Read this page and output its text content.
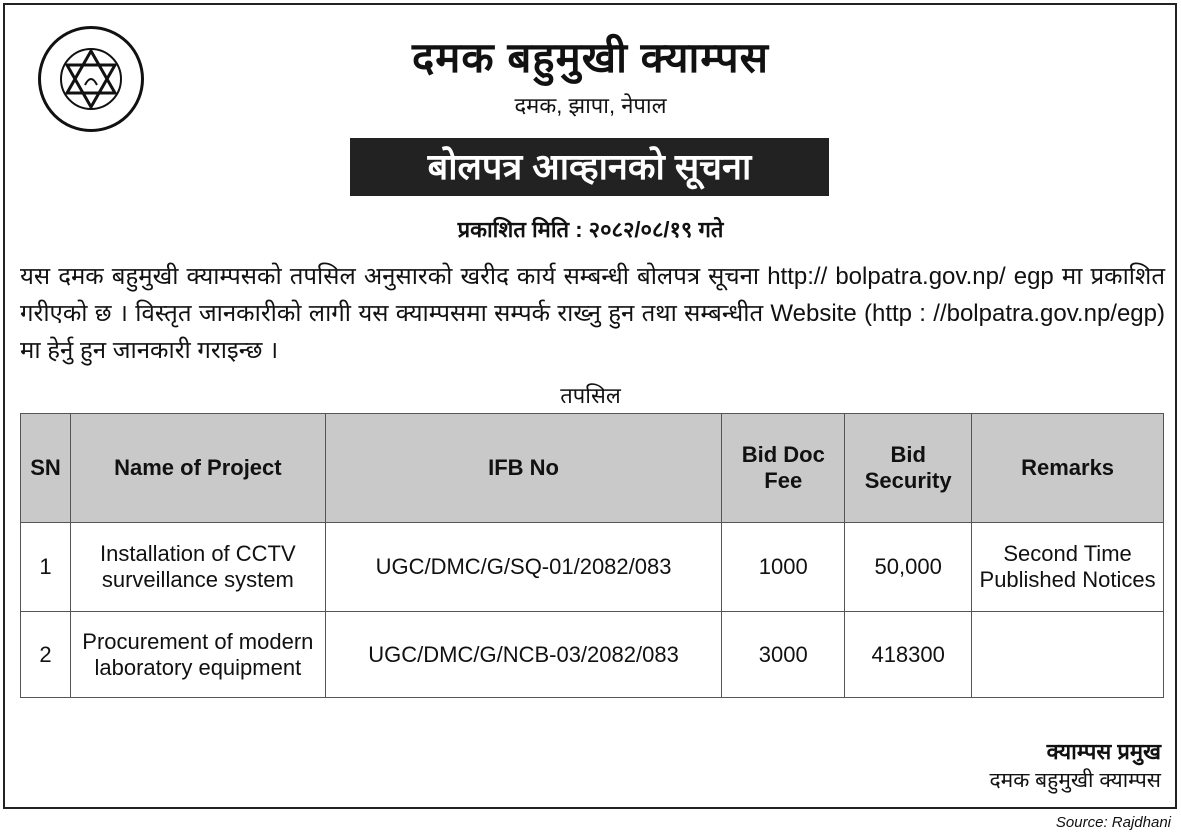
दमक बहुमुखी क्याम्पस
दमक, झापा, नेपाल
बोलपत्र आव्हानको सूचना
प्रकाशित मिति : २०८२/०८/१९ गते
यस दमक बहुमुखी क्याम्पसको तपसिल अनुसारको खरीद कार्य सम्बन्धी बोलपत्र सूचना http:// bolpatra.gov.np/ egp मा प्रकाशित गरीएको छ । विस्तृत जानकारीको लागी यस क्याम्पसमा सम्पर्क राख्नु हुन तथा सम्बन्धीत Website (http : //bolpatra.gov.np/egp) मा हेर्नु हुन जानकारी गराइन्छ ।
तपसिल
SN	Name of Project	IFB No	Bid Doc Fee	Bid Security	Remarks
1	Installation of CCTV surveillance system	UGC/DMC/G/SQ-01/2082/083	1000	50,000	Second Time Published Notices
2	Procurement of modern laboratory equipment	UGC/DMC/G/NCB-03/2082/083	3000	418300	
क्याम्पस प्रमुख
दमक बहुमुखी क्याम्पस
Source: Rajdhani
